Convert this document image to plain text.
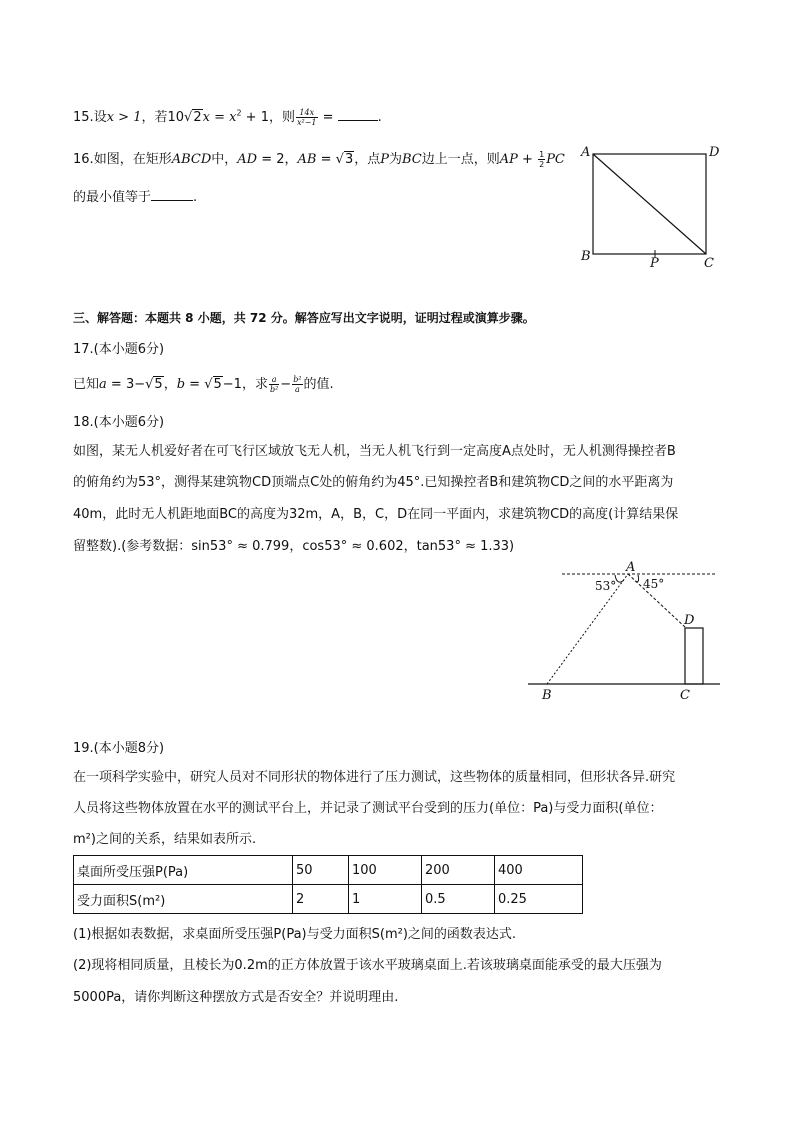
15.设x > 1，若$10√2x = x^2 + 1$，则 $\frac{14x}{\text{x²−1}}$ =	.
16.如图，在矩形ABCD中，AD = 2，AB = √3，点P为BC边上一点，则AP + $\frac{1}{2}$ PC
的最小值等于	.
A	D
B	P	C
三、解答题：本题共 8 小题，共 72 分。解答应写出文字说明，证明过程或演算步骤。
17.(本小题6分)
已知a = 3−√5，b = √5−1，求 $\frac{a}{\text{b²}} - \frac{\text{b²}}{a}$ 的值.
18.(本小题6分)
如图，某无人机爱好者在可飞行区域放飞无人机，当无人机飞行到一定高度A点处时，无人机测得操控者B
的俯角约为53°，测得某建筑物CD顶端点C处的俯角约为45°.已知操控者B和建筑物CD之间的水平距离为
40m，此时无人机距地面BC的高度为32m，A，B，C，D在同一平面内，求建筑物CD的高度(计算结果保
留整数).(参考数据：sin53° ≈ 0.799，cos53° ≈ 0.602，tan53° ≈ 1.33)
A
53° 45°
D
B	C
19.(本小题8分)
在一项科学实验中，研究人员对不同形状的物体进行了压力测试，这些物体的质量相同，但形状各异.研究
人员将这些物体放置在水平的测试平台上，并记录了测试平台受到的压力(单位：Pa)与受力面积(单位：
m²)之间的关系，结果如表所示.
桌面所受压强P(Pa)	50	100	200	400
受力面积S(m²)	2	1	0.5	0.25
(1)根据如表数据，求桌面所受压强P(Pa)与受力面积S(m²)之间的函数表达式.
(2)现将相同质量，且棱长为0.2m的正方体放置于该水平玻璃桌面上.若该玻璃桌面能承受的最大压强为
5000Pa，请你判断这种摆放方式是否安全？并说明理由.
